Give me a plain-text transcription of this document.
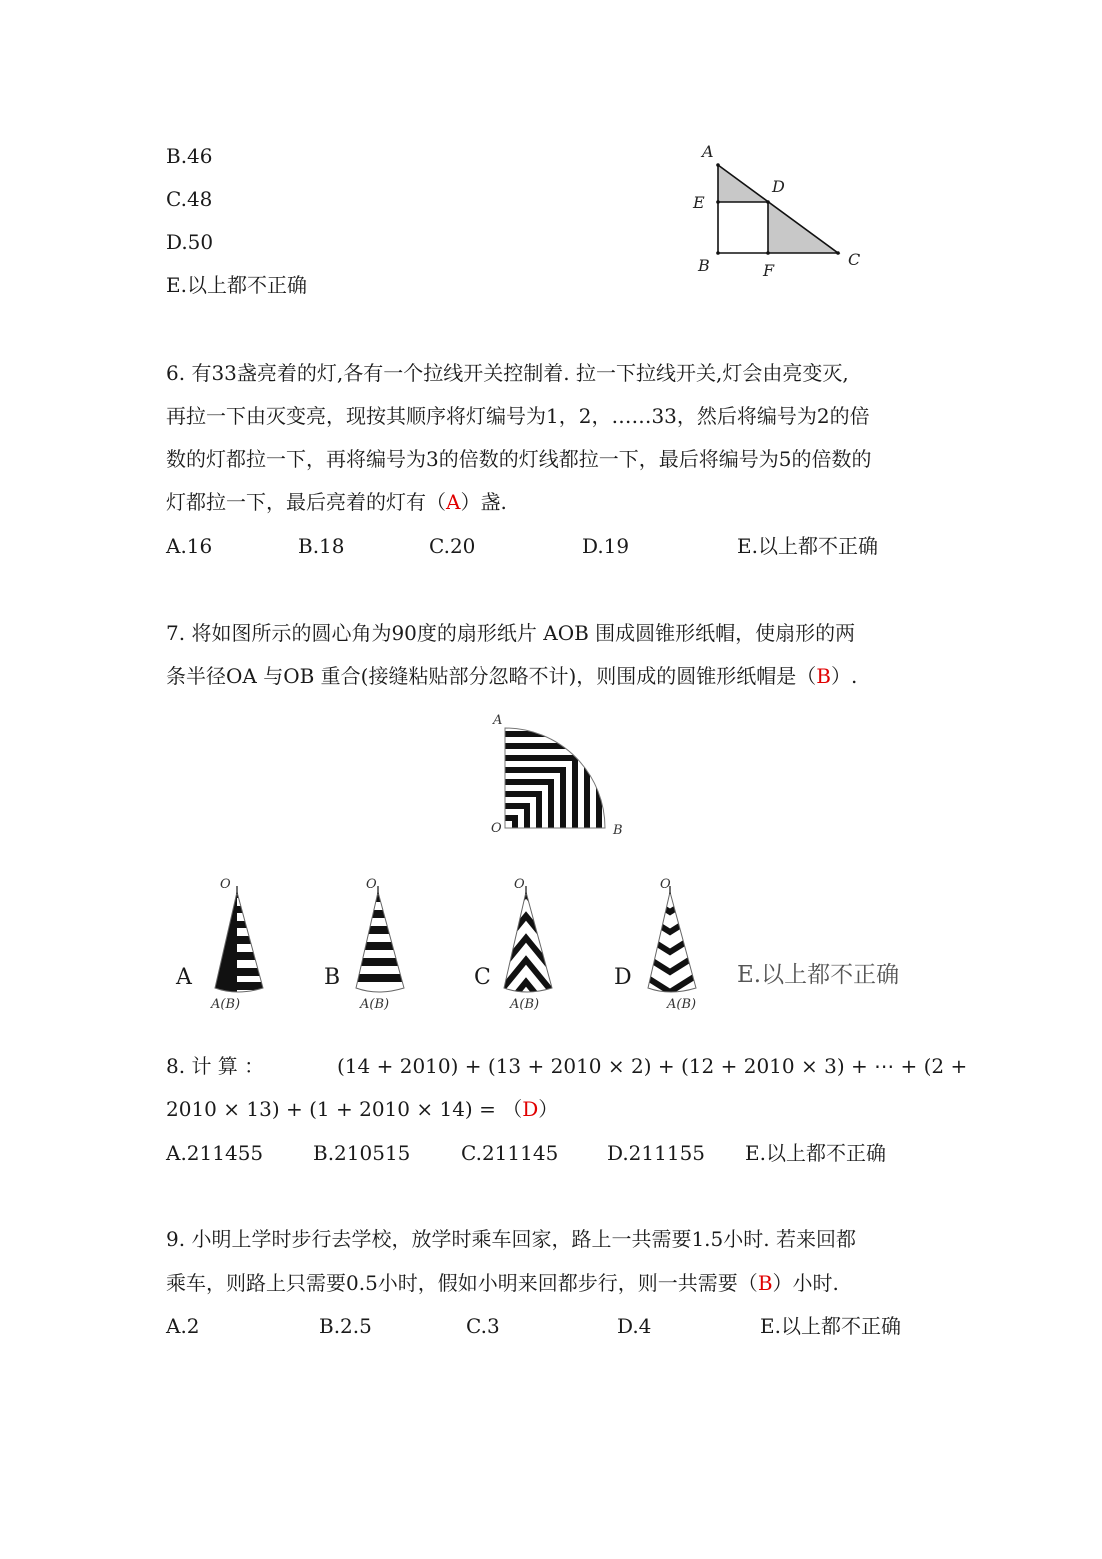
B.46
C.48
D.50
E.以上都不正确
A
E
D
B	F
C
6. 有33盏亮着的灯,各有一个拉线开关控制着. 拉一下拉线开关,灯会由亮变灭,
再拉一下由灭变亮，现按其顺序将灯编号为1，2，……33，然后将编号为2的倍
数的灯都拉一下，再将编号为3的倍数的灯线都拉一下，最后将编号为5的倍数的
灯都拉一下，最后亮着的灯有（A）盏.
A.16	B.18	C.20	D.19	E.以上都不正确
7. 将如图所示的圆心角为90度的扇形纸片 AOB 围成圆锥形纸帽，使扇形的两
条半径OA 与OB 重合(接缝粘贴部分忽略不计)，则围成的圆锥形纸帽是（B）.
A
O	B
A
O
A(B)
B
O
A(B)
C
O
A(B)
D
O
A(B)
E.以上都不正确
8. 计 算 ：	(14 + 2010) + (13 + 2010 × 2) + (12 + 2010 × 3) + ⋯ + (2 +
2010 × 13) + (1 + 2010 × 14) = （D）
A.211455 B.210515	C.211145 D.211155 E.以上都不正确
9. 小明上学时步行去学校，放学时乘车回家，路上一共需要1.5小时. 若来回都
乘车，则路上只需要0.5小时，假如小明来回都步行，则一共需要（B）小时.
A.2	B.2.5	C.3	D.4	E.以上都不正确
